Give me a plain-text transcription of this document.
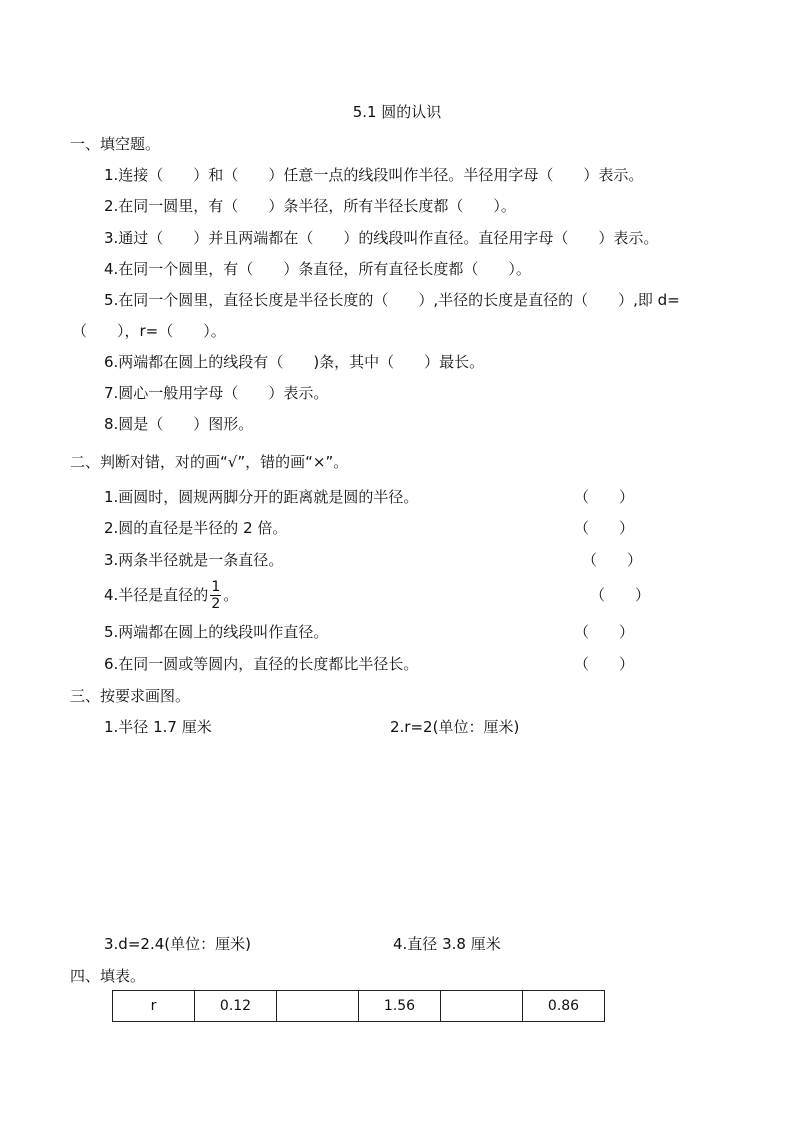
5.1 圆的认识
一、填空题。
1.连接（　　）和（　　）任意一点的线段叫作半径。半径用字母（　　）表示。
2.在同一圆里，有（　　）条半径，所有半径长度都（　　）。
3.通过（　　）并且两端都在（　　）的线段叫作直径。直径用字母（　　）表示。
4.在同一个圆里，有（　　）条直径，所有直径长度都（　　）。
5.在同一个圆里，直径长度是半径长度的（　　）,半径的长度是直径的（　　）,即 d=
（　　），r=（　　）。
6.两端都在圆上的线段有（　　)条，其中（　　）最长。
7.圆心一般用字母（　　）表示。
8.圆是（　　）图形。
二、判断对错，对的画“√”，错的画“×”。
1.画圆时，圆规两脚分开的距离就是圆的半径。	（　　）
2.圆的直径是半径的 2 倍。	（　　）
3.两条半径就是一条直径。	（　　）
4.半径是直径的 $\frac{1}{2}$ 。	（　　）
5.两端都在圆上的线段叫作直径。	（　　）
6.在同一圆或等圆内，直径的长度都比半径长。	（　　）
三、按要求画图。
1.半径 1.7 厘米	2.r=2(单位：厘米)
3.d=2.4(单位：厘米)	4.直径 3.8 厘米
四、填表。
r	0.12		1.56		0.86
